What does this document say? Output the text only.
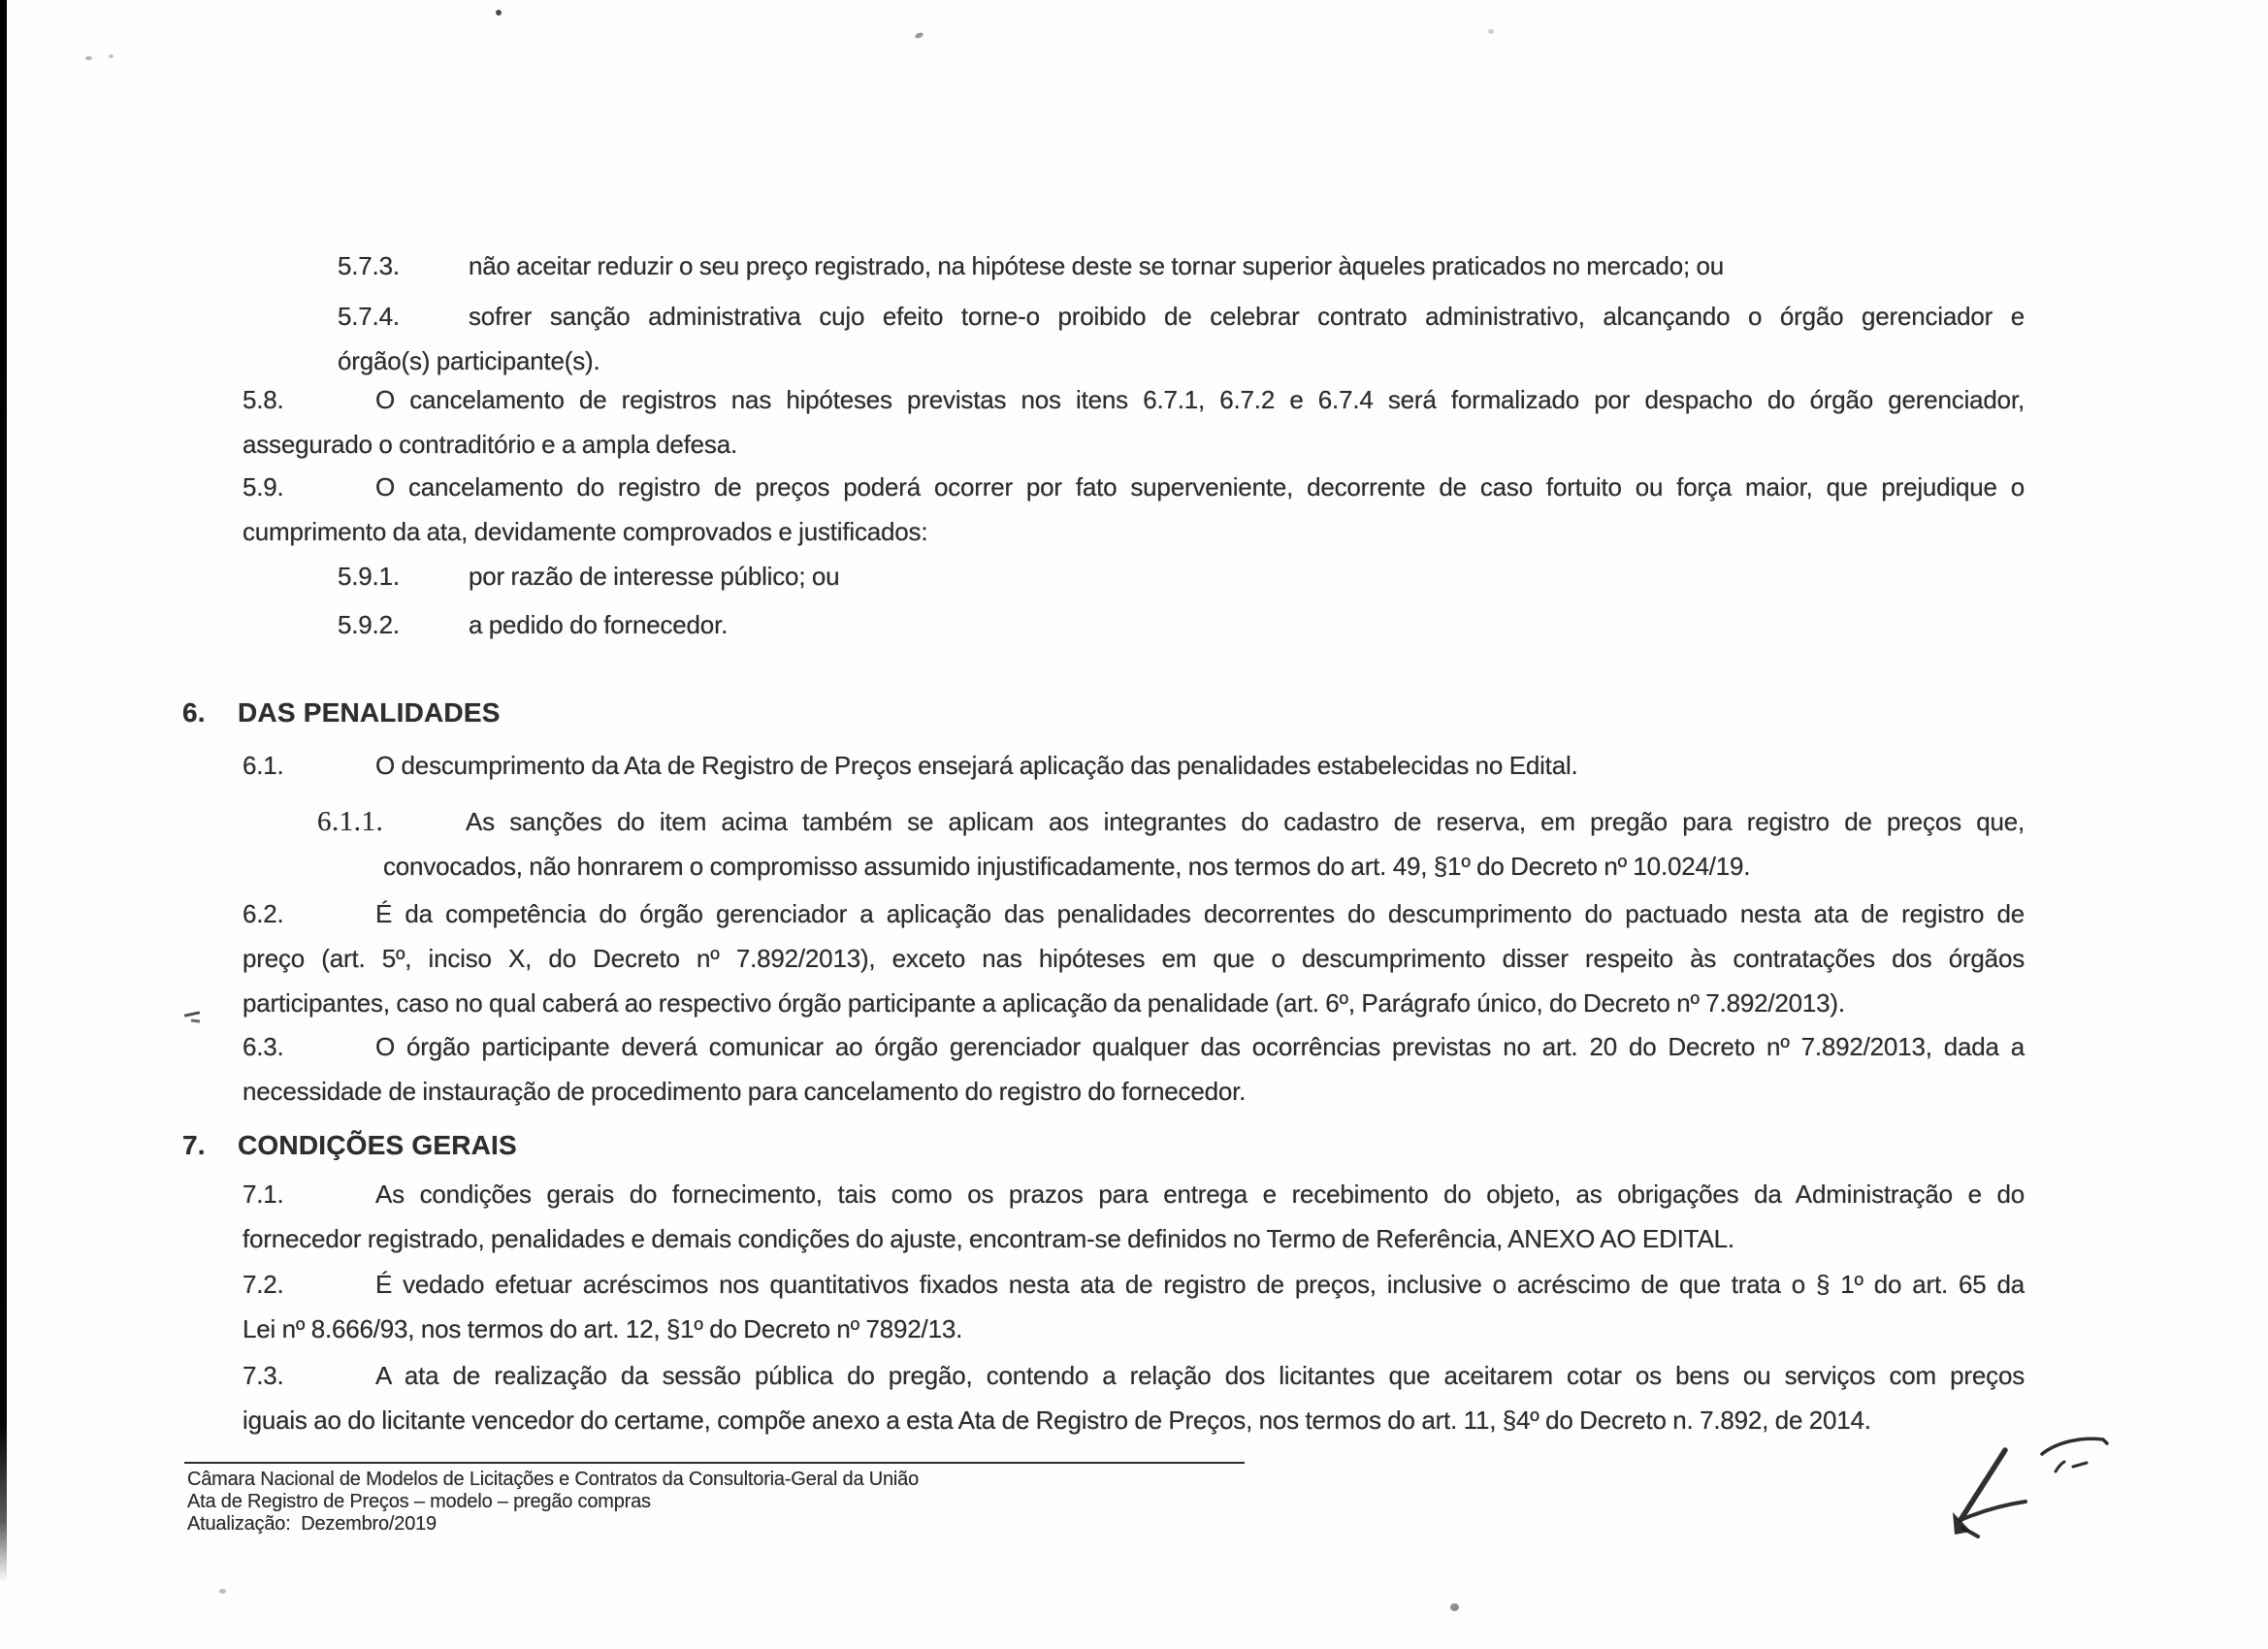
5.7.3.	não aceitar reduzir o seu preço registrado, na hipótese deste se tornar superior àqueles praticados no mercado; ou
5.7.4.	sofrer sanção administrativa cujo efeito torne-o proibido de celebrar contrato administrativo, alcançando o órgão gerenciador e
órgão(s) participante(s).
5.8.	O cancelamento de registros nas hipóteses previstas nos itens 6.7.1, 6.7.2 e 6.7.4 será formalizado por despacho do órgão gerenciador,
assegurado o contraditório e a ampla defesa.
5.9.	O cancelamento do registro de preços poderá ocorrer por fato superveniente, decorrente de caso fortuito ou força maior, que prejudique o
cumprimento da ata, devidamente comprovados e justificados:
5.9.1.	por razão de interesse público; ou
5.9.2.	a pedido do fornecedor.
6. DAS PENALIDADES
6.1.	O descumprimento da Ata de Registro de Preços ensejará aplicação das penalidades estabelecidas no Edital.
6.1.1.	As sanções do item acima também se aplicam aos integrantes do cadastro de reserva, em pregão para registro de preços que,
convocados, não honrarem o compromisso assumido injustificadamente, nos termos do art. 49, §1º do Decreto nº 10.024/19.
6.2.	É da competência do órgão gerenciador a aplicação das penalidades decorrentes do descumprimento do pactuado nesta ata de registro de
preço (art. 5º, inciso X, do Decreto nº 7.892/2013), exceto nas hipóteses em que o descumprimento disser respeito às contratações dos órgãos
participantes, caso no qual caberá ao respectivo órgão participante a aplicação da penalidade (art. 6º, Parágrafo único, do Decreto nº 7.892/2013).
6.3.	O órgão participante deverá comunicar ao órgão gerenciador qualquer das ocorrências previstas no art. 20 do Decreto nº 7.892/2013, dada a
necessidade de instauração de procedimento para cancelamento do registro do fornecedor.
7. CONDIÇÕES GERAIS
7.1.	As condições gerais do fornecimento, tais como os prazos para entrega e recebimento do objeto, as obrigações da Administração e do
fornecedor registrado, penalidades e demais condições do ajuste, encontram-se definidos no Termo de Referência, ANEXO AO EDITAL.
7.2.	É vedado efetuar acréscimos nos quantitativos fixados nesta ata de registro de preços, inclusive o acréscimo de que trata o § 1º do art. 65 da
Lei nº 8.666/93, nos termos do art. 12, §1º do Decreto nº 7892/13.
7.3.	A ata de realização da sessão pública do pregão, contendo a relação dos licitantes que aceitarem cotar os bens ou serviços com preços
iguais ao do licitante vencedor do certame, compõe anexo a esta Ata de Registro de Preços, nos termos do art. 11, §4º do Decreto n. 7.892, de 2014.
Câmara Nacional de Modelos de Licitações e Contratos da Consultoria-Geral da União
Ata de Registro de Preços – modelo – pregão compras
Atualização:  Dezembro/2019
